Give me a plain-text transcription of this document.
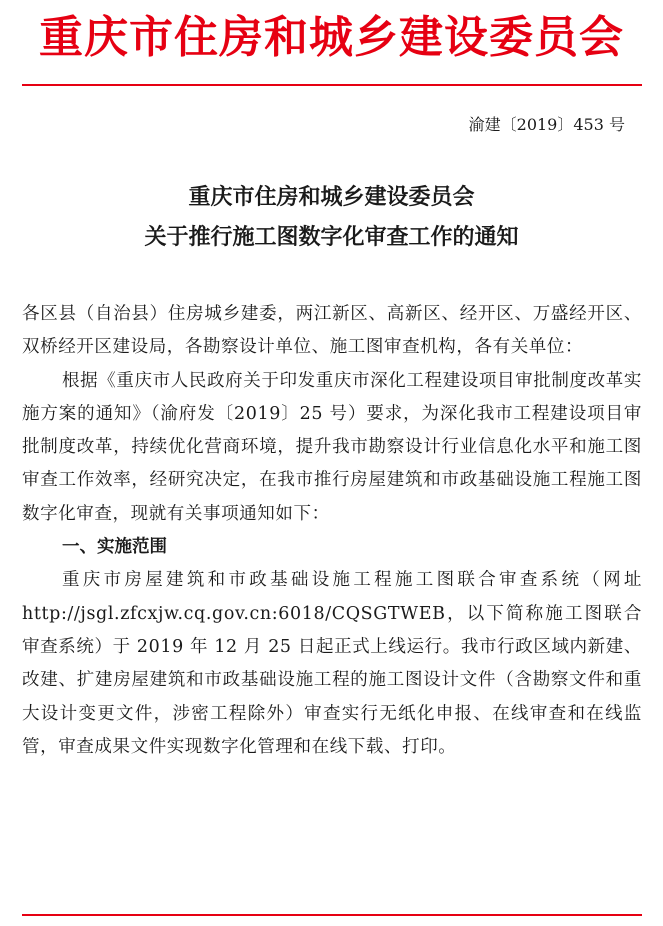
重庆市住房和城乡建设委员会
渝建〔2019〕453 号
重庆市住房和城乡建设委员会
关于推行施工图数字化审查工作的通知

各区县（自治县）住房城乡建委，两江新区、高新区、经开区、万盛经开区、双桥经开区建设局，各勘察设计单位、施工图审查机构，各有关单位：

根据《重庆市人民政府关于印发重庆市深化工程建设项目审批制度改革实施方案的通知》（渝府发〔2019〕25 号）要求，为深化我市工程建设项目审批制度改革，持续优化营商环境，提升我市勘察设计行业信息化水平和施工图审查工作效率，经研究决定，在我市推行房屋建筑和市政基础设施工程施工图数字化审查，现就有关事项通知如下：

一、实施范围

重庆市房屋建筑和市政基础设施工程施工图联合审查系统（网址 http://jsgl.zfcxjw.cq.gov.cn:6018/CQSGTWEB，以下简称施工图联合审查系统）于 2019 年 12 月 25 日起正式上线运行。我市行政区域内新建、改建、扩建房屋建筑和市政基础设施工程的施工图设计文件（含勘察文件和重大设计变更文件，涉密工程除外）审查实行无纸化申报、在线审查和在线监管，审查成果文件实现数字化管理和在线下载、打印。
